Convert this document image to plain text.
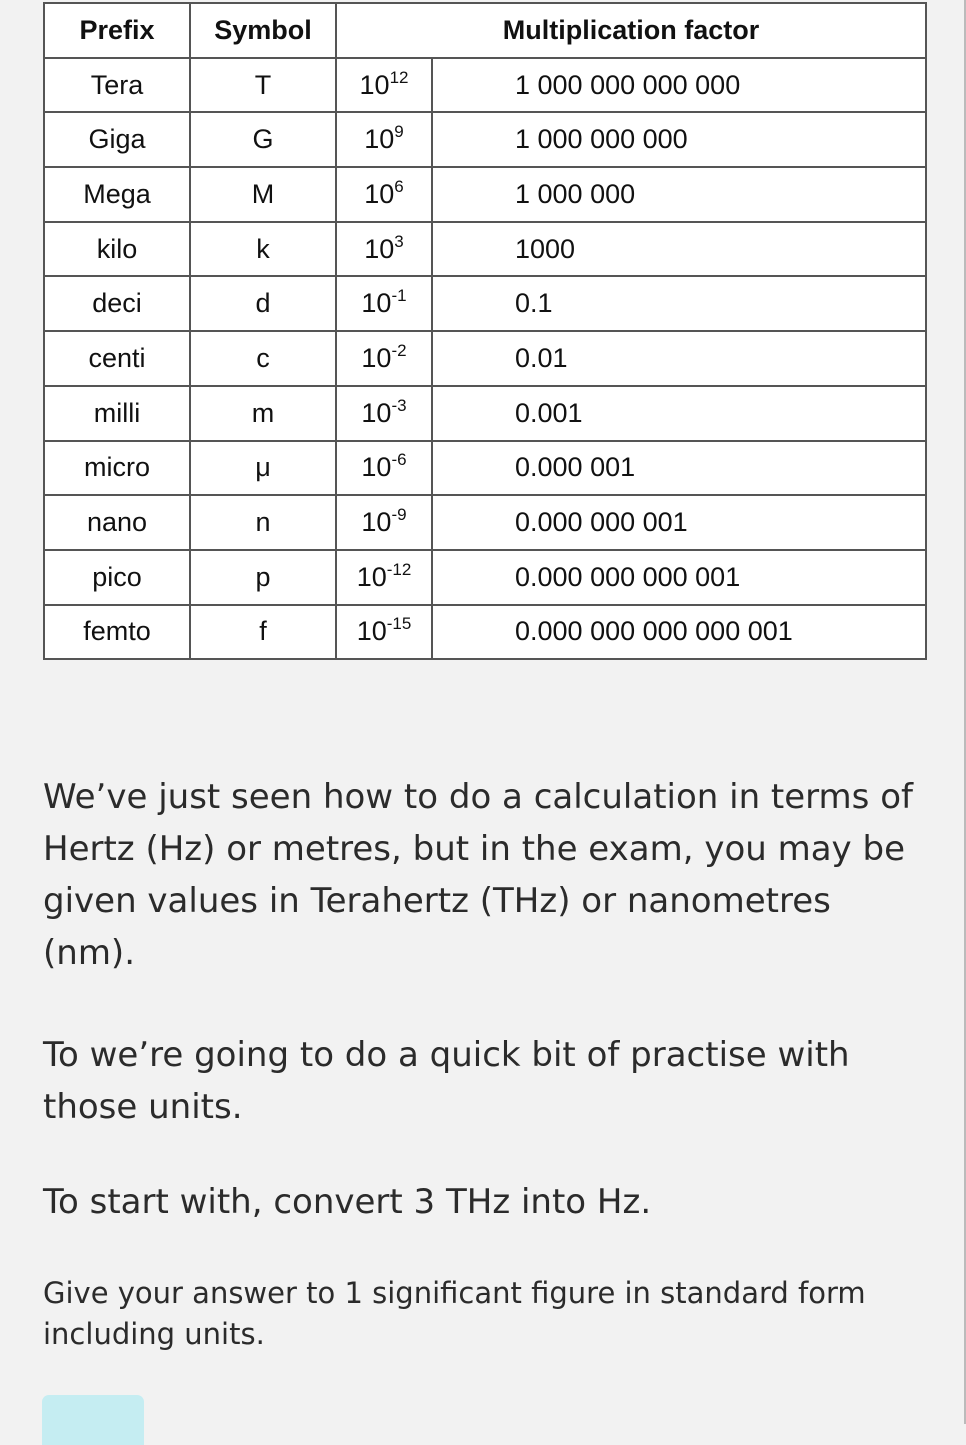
Prefix	Symbol	Multiplication factor	
Tera	T	$10^{12}$	1 000 000 000 000
Giga	G	$10^9$	1 000 000 000
Mega	M	$10^6$	1 000 000
kilo	k	$10^3$	1000
deci	d	$10^{-1}$	0.1
centi	c	$10^{-2}$	0.01
milli	m	$10^{-3}$	0.001
micro	μ	$10^{-6}$	0.000 001
nano	n	$10^{-9}$	0.000 000 001
pico	p	$10^{-12}$	0.000 000 000 001
femto	f	$10^{-15}$	0.000 000 000 000 001
We’ve just seen how to do a calculation in terms of Hertz (Hz) or metres, but in the exam, you may be given values in Terahertz (THz) or nanometres (nm).
To we’re going to do a quick bit of practise with those units.
To start with, convert 3 THz into Hz.
Give your answer to 1 significant figure in standard form including units.
